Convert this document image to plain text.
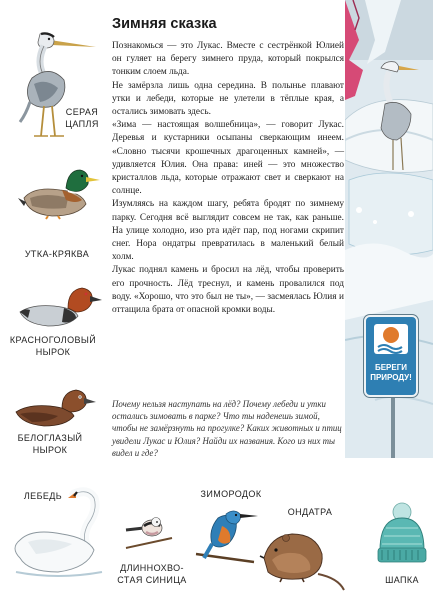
Зимняя сказка

Познакомься — это Лукас. Вместе с сестрёнкой Юлией он гуляет на берегу зимнего пруда, который покрылся тонким слоем льда.

Не замёрзла лишь одна середина. В полынье плавают утки и лебеди, которые не улетели в тёплые края, а остались зимовать здесь.

«Зима — настоящая волшебница», — говорит Лукас. Деревья и кустарники осыпаны сверкающим инеем. «Словно тысячи крошечных драгоценных камней», — удивляется Юлия. Она права: иней — это множество кристаллов льда, которые отражают свет и сверкают на солнце.

Изумляясь на каждом шагу, ребята бродят по зимнему парку. Сегодня всё выглядит совсем не так, как раньше. На улице холодно, изо рта идёт пар, под ногами скрипит снег. Нора ондатры превратилась в маленький белый холм.

Лукас поднял камень и бросил на лёд, чтобы проверить его прочность. Лёд треснул, и камень провалился под воду. «Хорошо, что это был не ты», — засмеялась Юлия и оттащила брата от опасной кромки воды.

Почему нельзя наступать на лёд? Почему лебеди и утки остались зимовать в парке? Что ты наденешь зимой, чтобы не замёрзнуть на прогулке? Каких животных и птиц увидели Лукас и Юлия? Найди их названия. Кого из них ты видел и где?
СЕРАЯ
ЦАПЛЯ
УТКА-КРЯКВА
КРАСНОГОЛОВЫЙ
НЫРОК
БЕЛОГЛАЗЫЙ
НЫРОК
ЛЕБЕДЬ
ДЛИННОХВО-
СТАЯ СИНИЦА
ЗИМОРОДОК
ОНДАТРА
ШАПКА
БЕРЕГИ
ПРИРОДУ!
